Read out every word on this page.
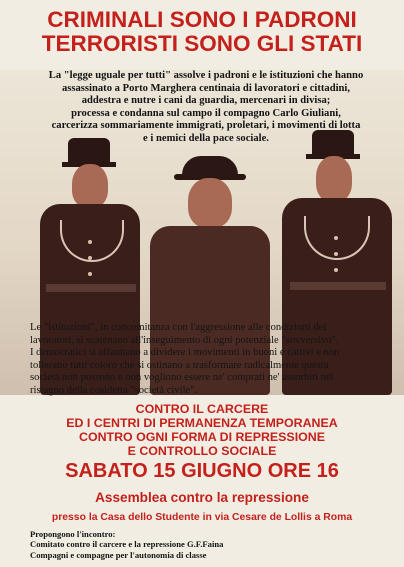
CRIMINALI SONO I PADRONI
TERRORISTI SONO GLI STATI
La "legge uguale per tutti" assolve i padroni e le istituzioni che hanno
assassinato a Porto Marghera centinaia di lavoratori e cittadini,
addestra e nutre i cani da guardia, mercenari in divisa;
processa e condanna sul campo il compagno Carlo Giuliani,
carcerizza sommariamente immigrati, proletari, i movimenti di lotta
e i nemici della pace sociale.
Le "istituzioni", in concomitanza con l'aggressione alle condizioni dei
lavoratori, si scatenano all'inseguimento di ogni potenziale "sovversivo".
I democratici si affannano a dividere i movimenti in buoni e cattivi e non
tollerano tutti coloro che si ostinano a trasformare radicalmente questa
società non possono e non vogliono essere ne' comprati ne' assorbiti nel
ristagno della cosidetta "società civile".
CONTRO IL CARCERE
ED I CENTRI DI PERMANENZA TEMPORANEA
CONTRO OGNI FORMA DI REPRESSIONE
E CONTROLLO SOCIALE
SABATO 15 GIUGNO ORE 16
Assemblea contro la repressione
presso la Casa dello Studente in via Cesare de Lollis a Roma
Propongono l'incontro:
Comitato contro il carcere e la repressione G.F.Faina
Compagni e compagne per l'autonomia di classe
